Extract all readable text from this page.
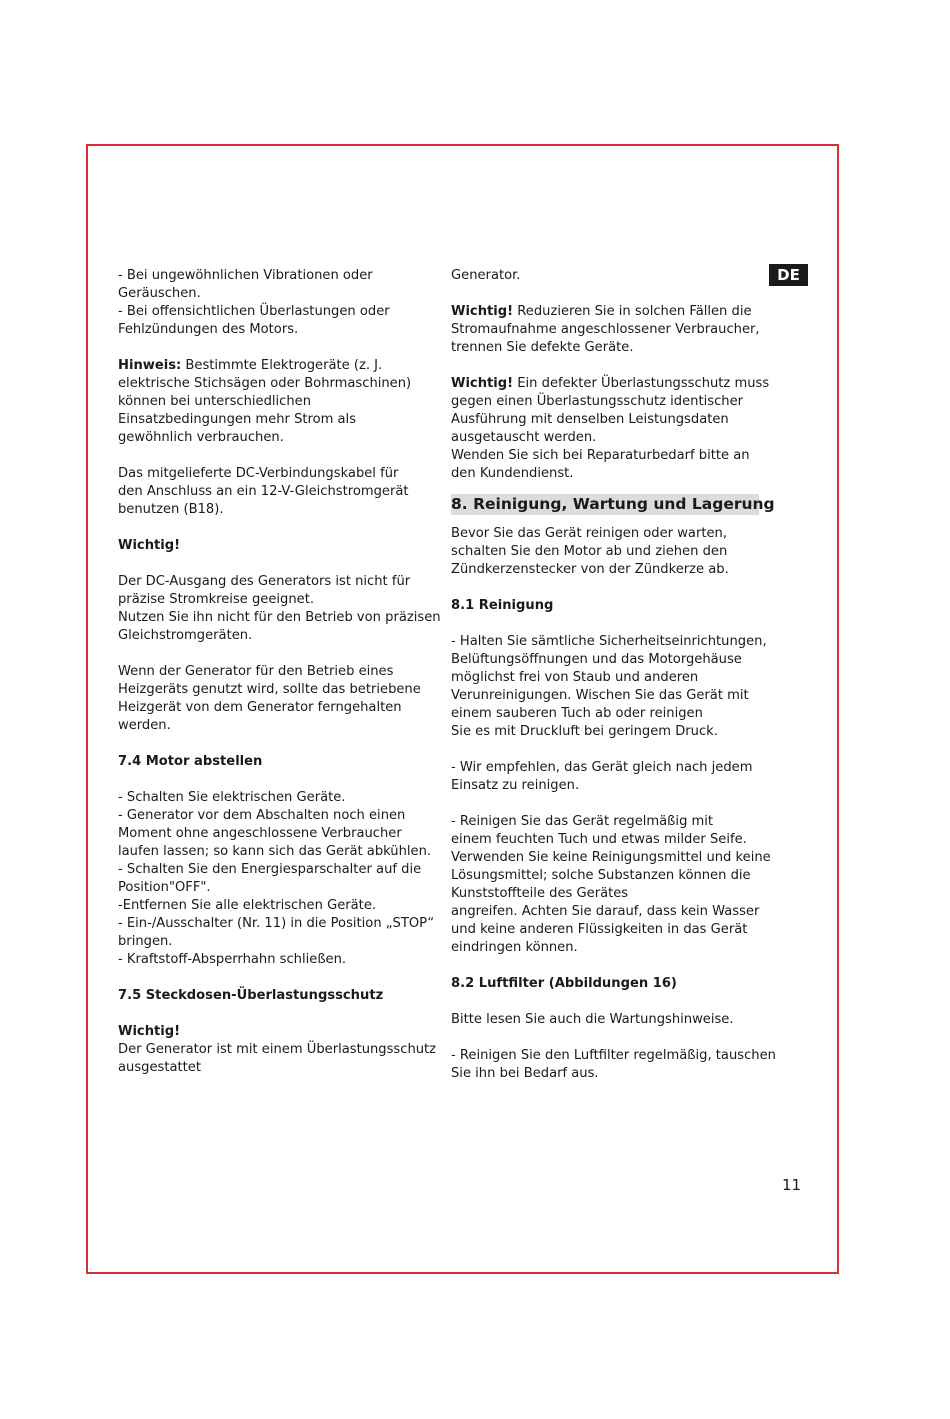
DE
- Bei ungewöhnlichen Vibrationen oder
Geräuschen.
- Bei offensichtlichen Überlastungen oder
Fehlzündungen des Motors.
Hinweis: Bestimmte Elektrogeräte (z. J.
elektrische Stichsägen oder Bohrmaschinen)
können bei unterschiedlichen
Einsatzbedingungen mehr Strom als
gewöhnlich verbrauchen.
Das mitgelieferte DC-Verbindungskabel für
den Anschluss an ein 12-V-Gleichstromgerät
benutzen (B18).
Wichtig!
Der DC-Ausgang des Generators ist nicht für
präzise Stromkreise geeignet.
Nutzen Sie ihn nicht für den Betrieb von präzisen
Gleichstromgeräten.
Wenn der Generator für den Betrieb eines
Heizgeräts genutzt wird, sollte das betriebene
Heizgerät von dem Generator ferngehalten
werden.
7.4 Motor abstellen
- Schalten Sie elektrischen Geräte.
- Generator vor dem Abschalten noch einen
Moment ohne angeschlossene Verbraucher
laufen lassen; so kann sich das Gerät abkühlen.
- Schalten Sie den Energiesparschalter auf die
Position"OFF".
-Entfernen Sie alle elektrischen Geräte.
- Ein-/Ausschalter (Nr. 11) in die Position „STOP“
bringen.
- Kraftstoff-Absperrhahn schließen.
7.5 Steckdosen-Überlastungsschutz
Wichtig!
Der Generator ist mit einem Überlastungsschutz
ausgestattet
Generator.
Wichtig! Reduzieren Sie in solchen Fällen die
Stromaufnahme angeschlossener Verbraucher,
trennen Sie defekte Geräte.
Wichtig! Ein defekter Überlastungsschutz muss
gegen einen Überlastungsschutz identischer
Ausführung mit denselben Leistungsdaten
ausgetauscht werden.
Wenden Sie sich bei Reparaturbedarf bitte an
den Kundendienst.
8. Reinigung, Wartung und Lagerung
Bevor Sie das Gerät reinigen oder warten,
schalten Sie den Motor ab und ziehen den
Zündkerzenstecker von der Zündkerze ab.
8.1 Reinigung
- Halten Sie sämtliche Sicherheitseinrichtungen,
Belüftungsöffnungen und das Motorgehäuse
möglichst frei von Staub und anderen
Verunreinigungen. Wischen Sie das Gerät mit
einem sauberen Tuch ab oder reinigen
Sie es mit Druckluft bei geringem Druck.
- Wir empfehlen, das Gerät gleich nach jedem
Einsatz zu reinigen.
- Reinigen Sie das Gerät regelmäßig mit
einem feuchten Tuch und etwas milder Seife.
Verwenden Sie keine Reinigungsmittel und keine
Lösungsmittel; solche Substanzen können die
Kunststoffteile des Gerätes
angreifen. Achten Sie darauf, dass kein Wasser
und keine anderen Flüssigkeiten in das Gerät
eindringen können.
8.2 Luftfilter (Abbildungen 16)
Bitte lesen Sie auch die Wartungshinweise.
- Reinigen Sie den Luftfilter regelmäßig, tauschen
Sie ihn bei Bedarf aus.
11
